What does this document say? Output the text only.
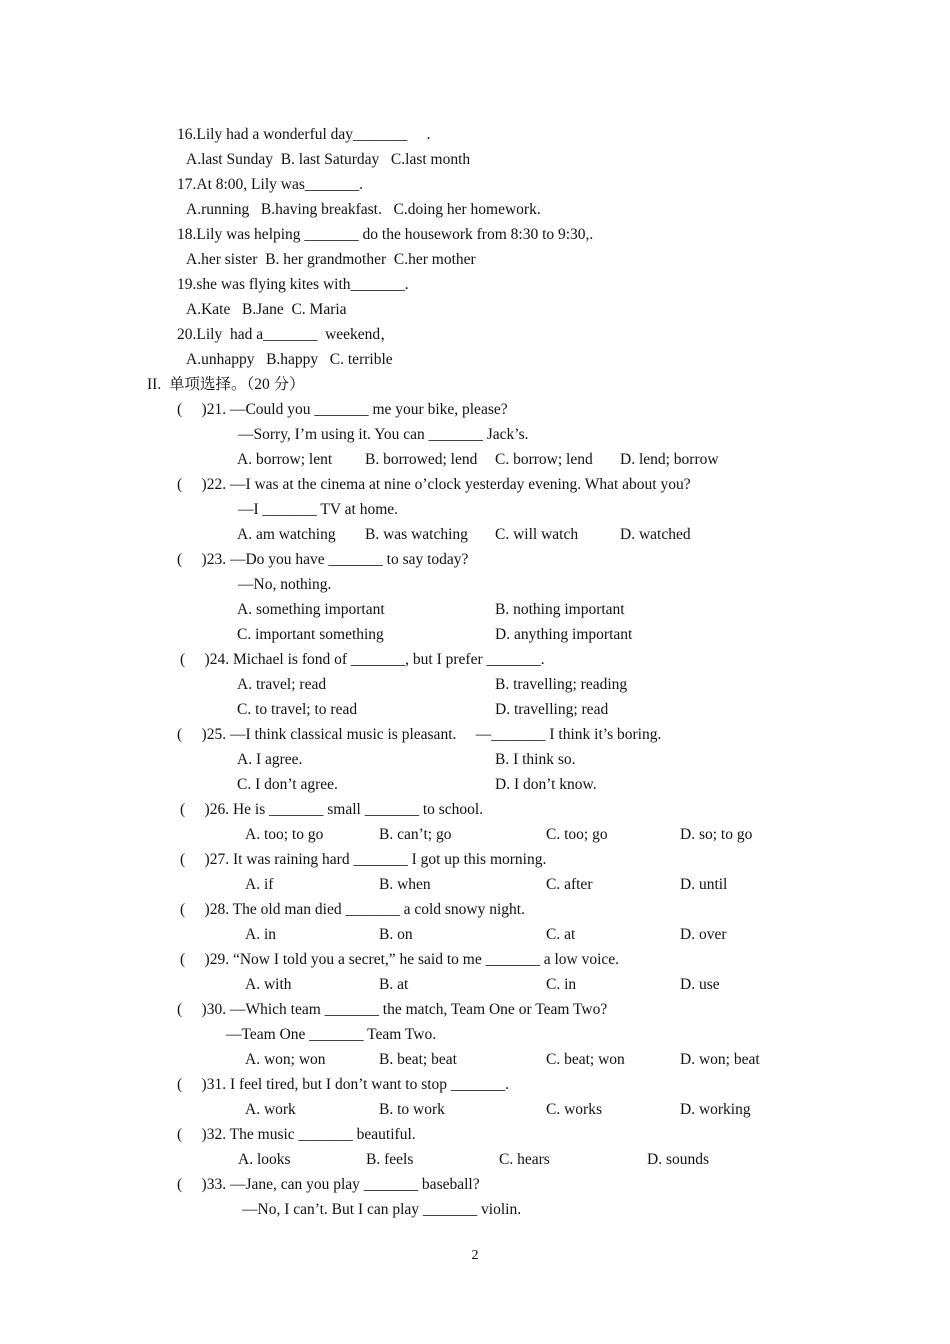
16.Lily had a wonderful day_______     .
A.last Sunday  B. last Saturday   C.last month
17.At 8:00, Lily was_______.
A.running   B.having breakfast.   C.doing her homework.
18.Lily was helping _______ do the housework from 8:30 to 9:30,.
A.her sister  B. her grandmother  C.her mother
19.she was flying kites with_______.
A.Kate   B.Jane  C. Maria
20.Lily  had a_______  weekend，
A.unhappy   B.happy   C. terrible
II.  单项选择。（20 分）
(     )21. —Could you _______ me your bike, please?
—Sorry, I’m using it. You can _______ Jack’s.
A. borrow; lent B. borrowed; lend C. borrow; lend D. lend; borrow
(     )22. —I was at the cinema at nine o’clock yesterday evening. What about you?
—I _______ TV at home.
A. am watching B. was watching C. will watch	D. watched
(     )23. —Do you have _______ to say today?
—No, nothing.
A. something important	B. nothing important
C. important something	D. anything important
(     )24. Michael is fond of _______, but I prefer _______.
A. travel; read	B. travelling; reading
C. to travel; to read	D. travelling; read
(     )25. —I think classical music is pleasant.     —_______ I think it’s boring.
A. I agree.	B. I think so.
C. I don’t agree.	D. I don’t know.
(     )26. He is _______ small _______ to school.
A. too; to go	B. can’t; go	C. too; go	D. so; to go
(     )27. It was raining hard _______ I got up this morning.
A. if	B. when	C. after	D. until
(     )28. The old man died _______ a cold snowy night.
A. in	B. on	C. at	D. over
(     )29. “Now I told you a secret,” he said to me _______ a low voice.
A. with	B. at	C. in	D. use
(     )30. —Which team _______ the match, Team One or Team Two?
—Team One _______ Team Two.
A. won; won	B. beat; beat	C. beat; won	D. won; beat
(     )31. I feel tired, but I don’t want to stop _______.
A. work	B. to work	C. works	D. working
(     )32. The music _______ beautiful.
A. looks	B. feels	C. hears	D. sounds
(     )33. —Jane, can you play _______ baseball?
—No, I can’t. But I can play _______ violin.
2
